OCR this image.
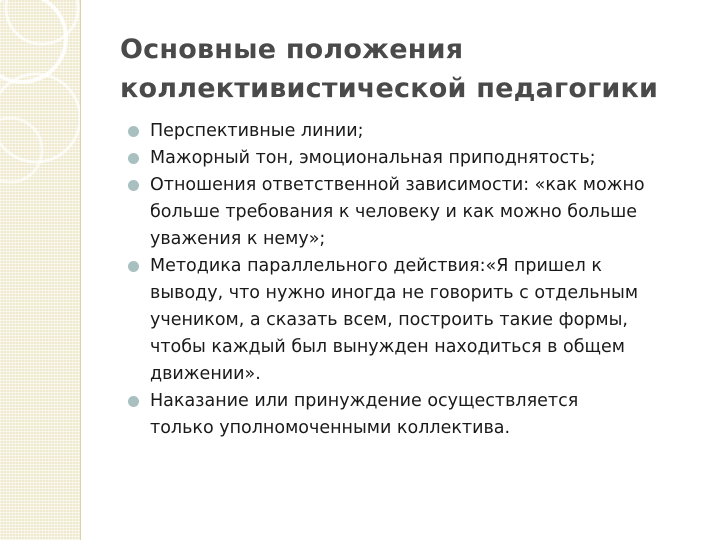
Основные положения
коллективистической педагогики
Перспективные линии;
Мажорный тон, эмоциональная приподнятость;
Отношения ответственной зависимости: «как можно
больше требования к человеку и как можно больше
уважения к нему»;
Методика параллельного действия:«Я пришел к
выводу, что нужно иногда не говорить с отдельным
учеником, а сказать всем, построить такие формы,
чтобы каждый был вынужден находиться в общем
движении».
Наказание или принуждение осуществляется
только уполномоченными коллектива.
